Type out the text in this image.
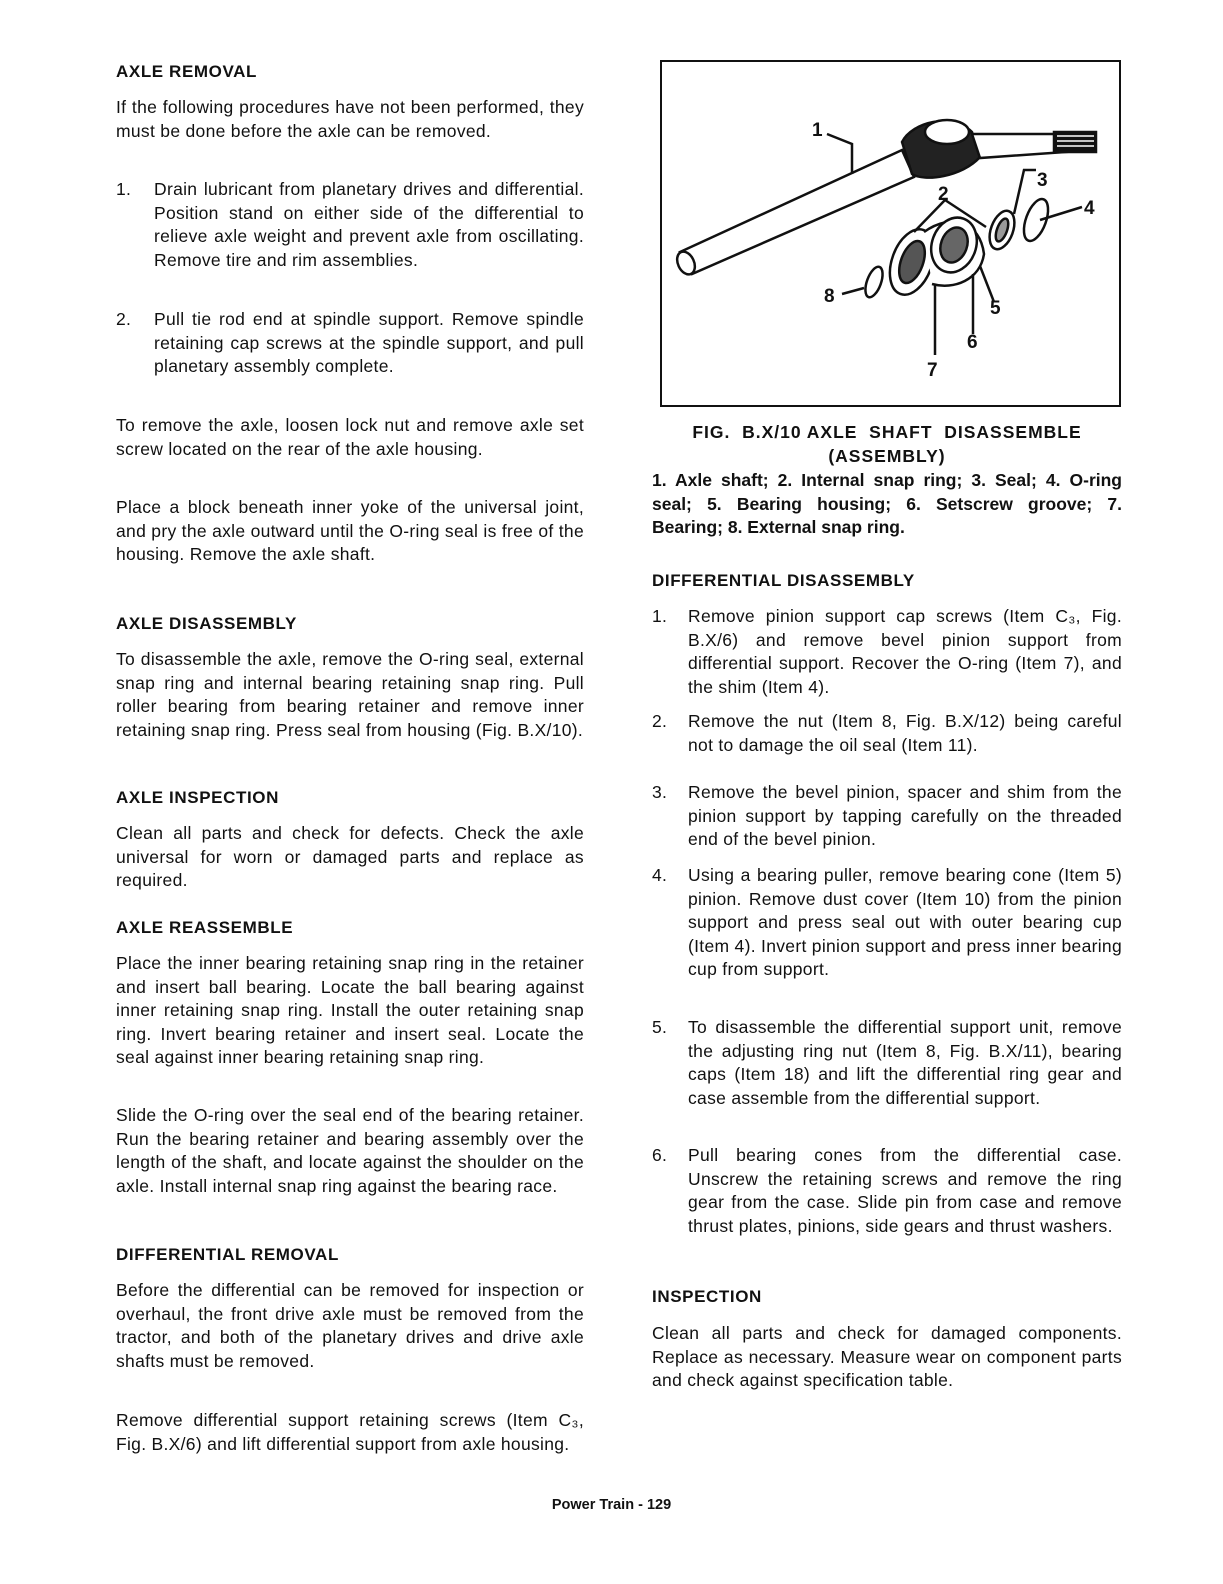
AXLE REMOVAL

If the following procedures have not been performed, they must be done before the axle can be removed.

1. Drain lubricant from planetary drives and differential. Position stand on either side of the differential to relieve axle weight and prevent axle from oscillating. Remove tire and rim assemblies.
2. Pull tie rod end at spindle support. Remove spindle retaining cap screws at the spindle support, and pull planetary assembly complete.

To remove the axle, loosen lock nut and remove axle set screw located on the rear of the axle housing.

Place a block beneath inner yoke of the universal joint, and pry the axle outward until the O-ring seal is free of the housing. Remove the axle shaft.

AXLE DISASSEMBLY

To disassemble the axle, remove the O-ring seal, external snap ring and internal bearing retaining snap ring. Pull roller bearing from bearing retainer and remove inner retaining snap ring. Press seal from housing (Fig. B.X/10).

AXLE INSPECTION

Clean all parts and check for defects. Check the axle universal for worn or damaged parts and replace as required.

AXLE REASSEMBLE

Place the inner bearing retaining snap ring in the retainer and insert ball bearing. Locate the ball bearing against inner retaining snap ring. Install the outer retaining snap ring. Invert bearing retainer and insert seal. Locate the seal against inner bearing retaining snap ring.

Slide the O-ring over the seal end of the bearing retainer. Run the bearing retainer and bearing assembly over the length of the shaft, and locate against the shoulder on the axle. Install internal snap ring against the bearing race.

DIFFERENTIAL REMOVAL

Before the differential can be removed for inspection or overhaul, the front drive axle must be removed from the tractor, and both of the planetary drives and drive axle shafts must be removed.

Remove differential support retaining screws (Item C₃, Fig. B.X/6) and lift differential support from axle housing.

1
2
3
4
5
6
7
8
FIG.  B.X/10 AXLE  SHAFT  DISASSEMBLE
(ASSEMBLY)

1. Axle shaft; 2. Internal snap ring; 3. Seal; 4. O-ring seal; 5. Bearing housing; 6. Setscrew groove; 7. Bearing; 8. External snap ring.

DIFFERENTIAL DISASSEMBLY
1. Remove pinion support cap screws (Item C₃, Fig. B.X/6) and remove bevel pinion support from differential support. Recover the O-ring (Item 7), and the shim (Item 4).
2. Remove the nut (Item 8, Fig. B.X/12) being careful not to damage the oil seal (Item 11).
3. Remove the bevel pinion, spacer and shim from the pinion support by tapping carefully on the threaded end of the bevel pinion.
4. Using a bearing puller, remove bearing cone (Item 5) pinion. Remove dust cover (Item 10) from the pinion support and press seal out with outer bearing cup (Item 4). Invert pinion support and press inner bearing cup from support.
5. To disassemble the differential support unit, remove the adjusting ring nut (Item 8, Fig. B.X/11), bearing caps (Item 18) and lift the differential ring gear and case assemble from the differential support.
6. Pull bearing cones from the differential case. Unscrew the retaining screws and remove the ring gear from the case. Slide pin from case and remove thrust plates, pinions, side gears and thrust washers.
INSPECTION

Clean all parts and check for damaged components. Replace as necessary. Measure wear on component parts and check against specification table.

Power Train - 129
